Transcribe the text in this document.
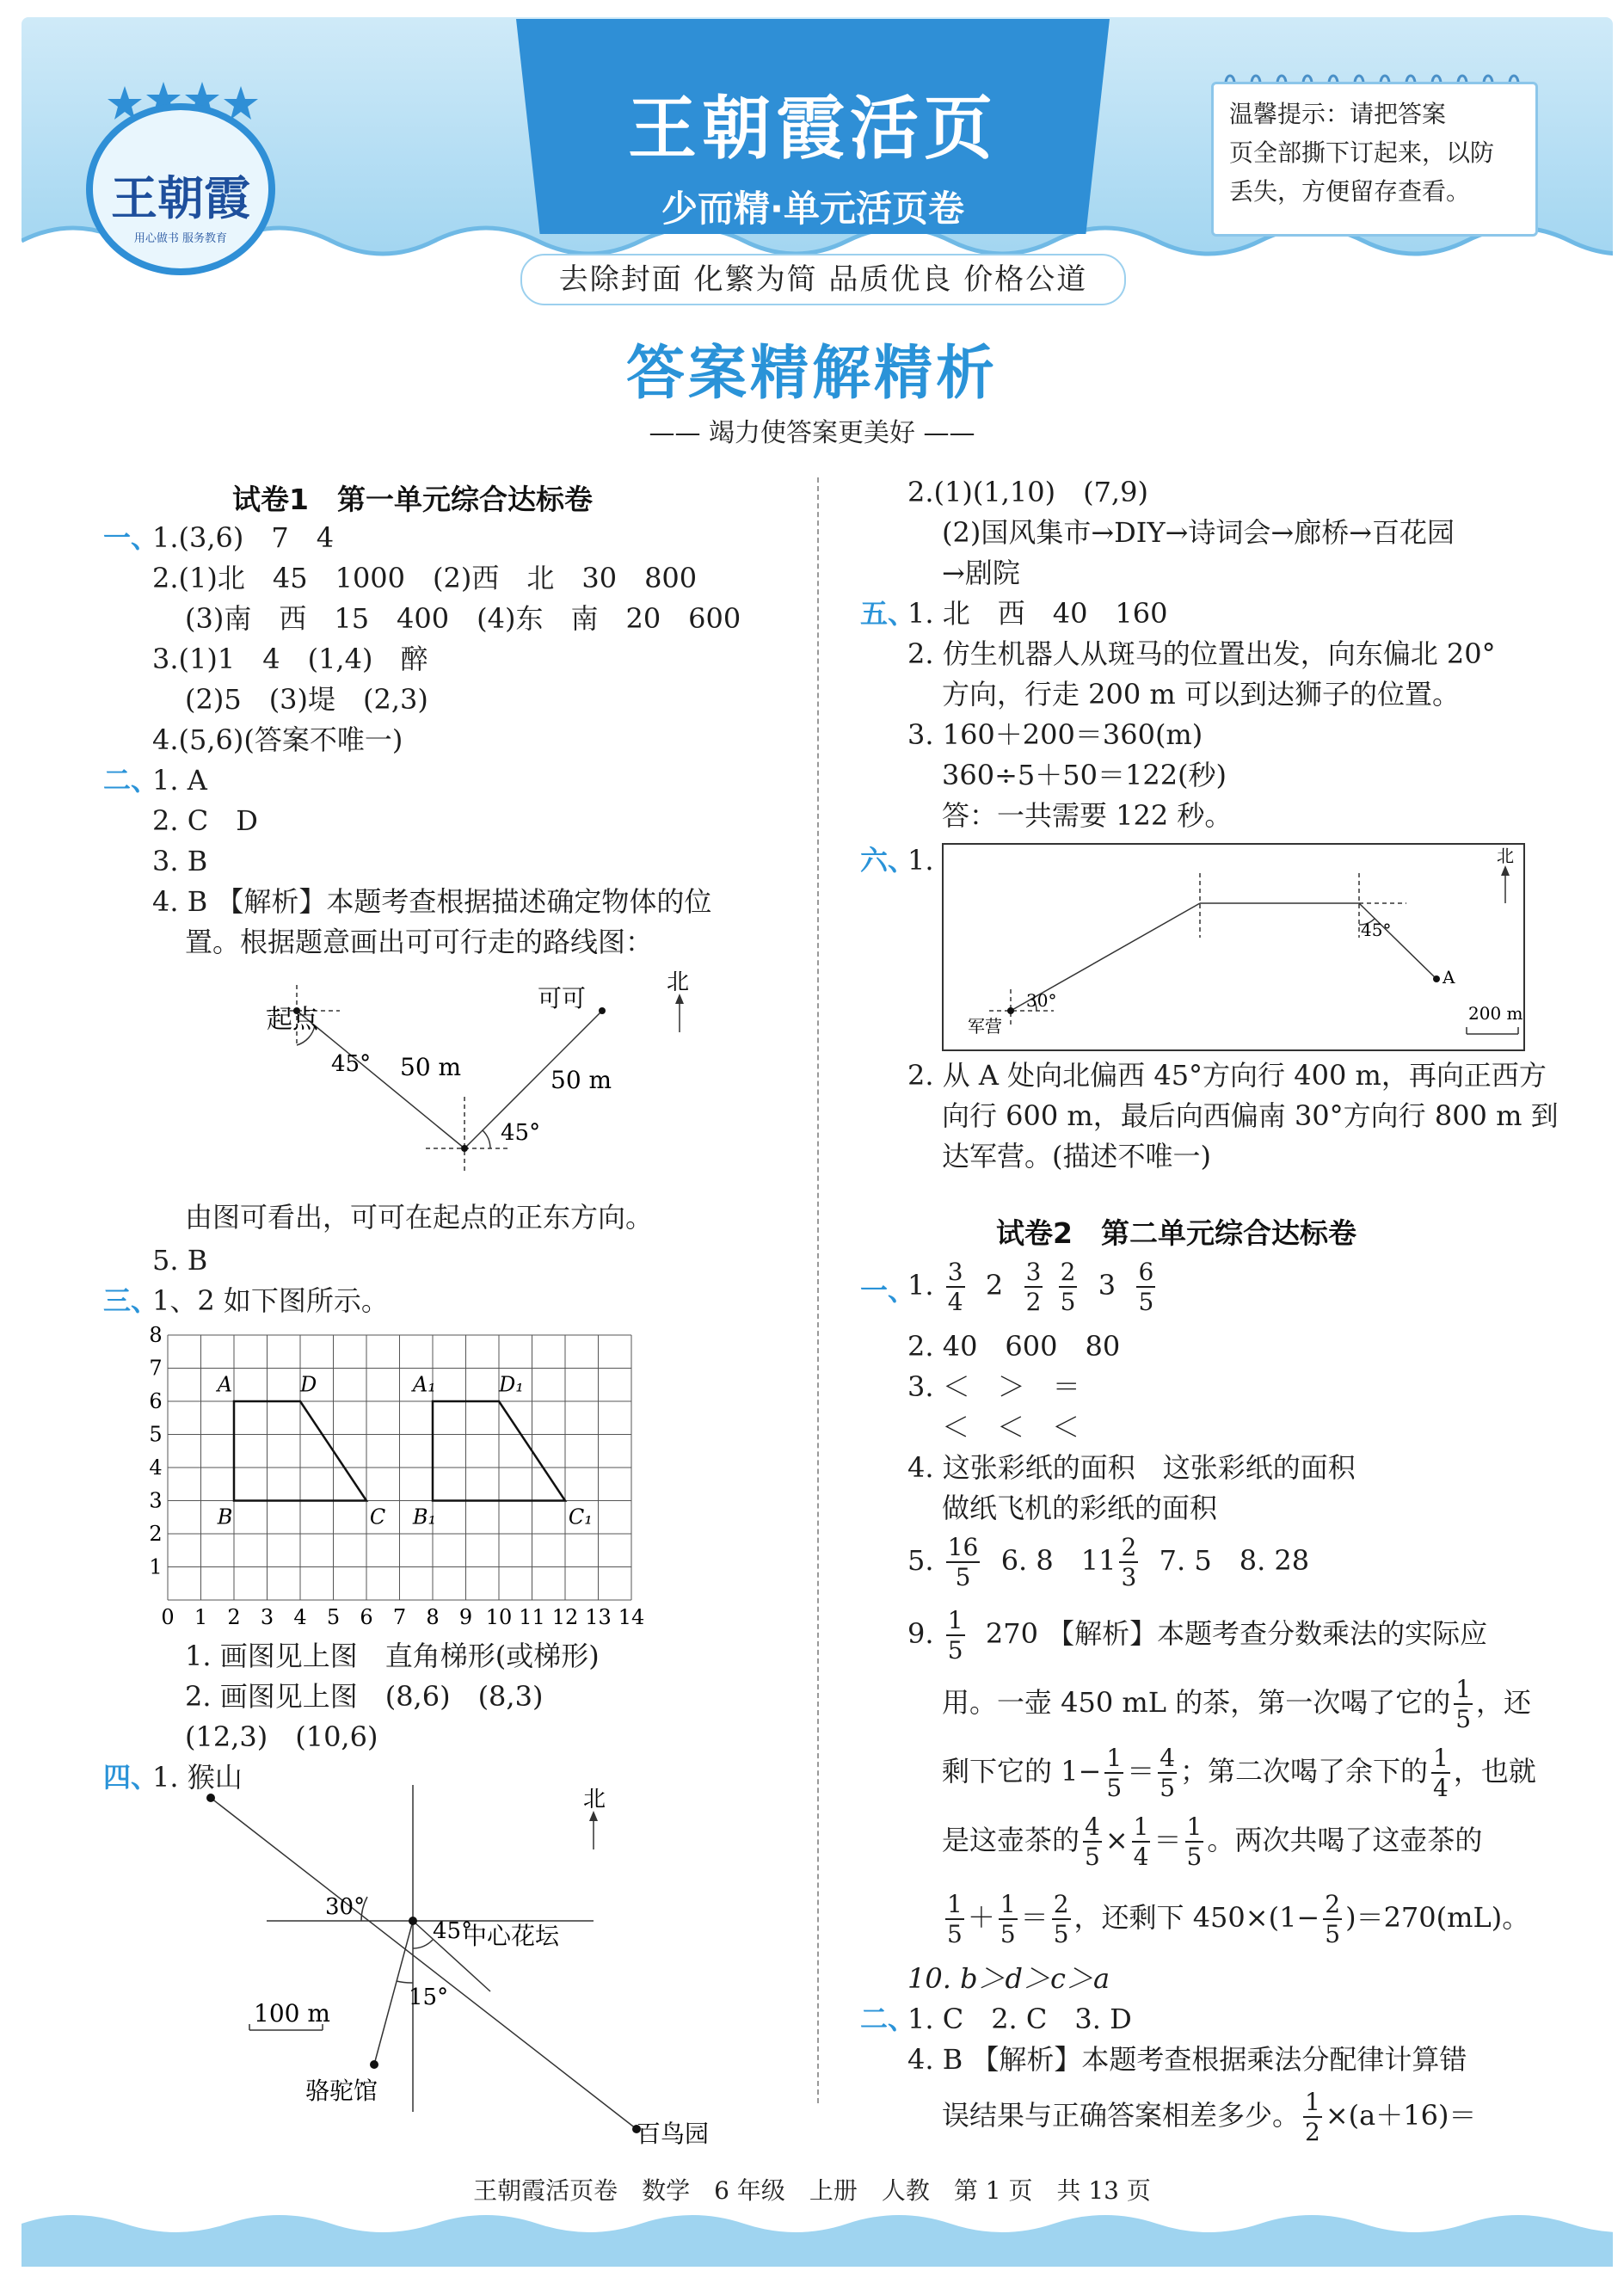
王朝霞活页
少而精·单元活页卷
去除封面 化繁为简 品质优良 价格公道
温馨提示：请把答案
页全部撕下订起来，以防
丢失，方便留存查看。
王朝霞
用心做书 服务教育
答案精解精析
—— 竭力使答案更美好 ——
试卷1　第一单元综合达标卷
一、
1.(3,6)　7　4
2.(1)北　45　1000　(2)西　北　30　800
(3)南　西　15　400　(4)东　南　20　600
3.(1)1　4　(1,4)　醉
(2)5　(3)堤　(2,3)
4.(5,6)(答案不唯一)
二、
1. A
2. C　D
3. B
4. B 【解析】本题考查根据描述确定物体的位
置。根据题意画出可可行走的路线图：
起点
可可
北
45°
45°
50 m	50 m
由图可看出，可可在起点的正东方向。
5. B
三、
1、2 如下图所示。
0 1 2 3 4 5 6 7 8 9 10 11 12 13 14
1
2
3
4
5
6
7
8
A	D
B	C
A₁	D₁
B₁	C₁
1. 画图见上图　直角梯形(或梯形)
2. 画图见上图　(8,6)　(8,3)
(12,3)　(10,6)
四、
1. 猴山
北
30°
45°
15°
中心花坛
100 m
骆驼馆
百鸟园
2.(1)(1,10)　(7,9)
(2)国风集市→DIY→诗词会→廊桥→百花园
→剧院
五、
1. 北　西　40　160
2. 仿生机器人从斑马的位置出发，向东偏北 20°
方向，行走 200 m 可以到达狮子的位置。
3. 160＋200＝360(m)
360÷5＋50＝122(秒)
答：一共需要 122 秒。
六、
1.	北
45°
30°
军营
A
200 m
2. 从 A 处向北偏西 45°方向行 400 m，再向正西方
向行 600 m，最后向西偏南 30°方向行 800 m 到
达军营。(描述不唯一)
试卷2　第二单元综合达标卷
一、
1. $\frac{3}{4} 2 \frac{3}{2}$
$\frac{2}{5} 3 \frac{6}{5}$
2. 40　600　80
3. ＜　＞　＝
＜　＜　＜
4. 这张彩纸的面积　这张彩纸的面积
做纸飞机的彩纸的面积
5. $\frac{16}{5} 6$. 8　$11 \frac{2}{3} 7$. 5　8. 28
9. $\frac{1}{5} 270$ 【解析】本题考查分数乘法的实际应
用。一壶 450 mL 的茶，第一次喝了它的 $\frac{1}{5}$ ，还
剩下它的 $1- \frac{1}{5} = \frac{4}{5}$ ；第二次喝了余下的 $\frac{1}{4}$ ，也就
是这壶茶的 $\frac{4}{5} \times \frac{1}{4} = \frac{1}{5}$ 。两次共喝了这壶茶的
$\frac{1}{5} + \frac{1}{5} = \frac{2}{5}$ ，还剩下 $450\times(1- \frac{2}{5} )=270(mL)$。
10. b＞d＞c＞a
二、
1. C　2. C　3. D
4. B 【解析】本题考查根据乘法分配律计算错
误结果与正确答案相差多少。 $\frac{1}{2} \times(a+16)=$
王朝霞活页卷　数学　6 年级　上册　人教　第 1 页　共 13 页
